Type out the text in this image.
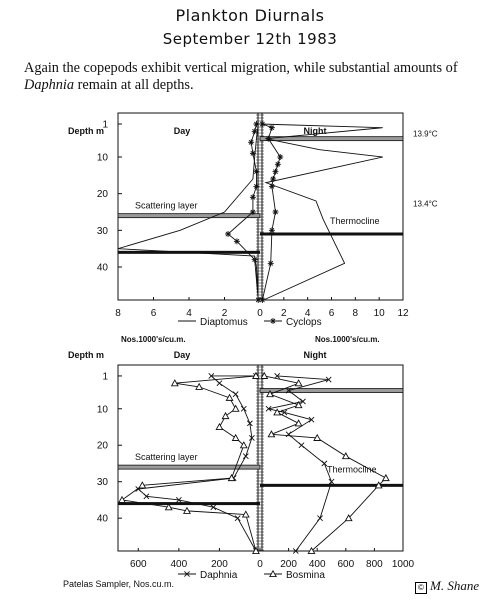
Plankton Diurnals
September 12th 1983
Again the copepods exhibit vertical migration, while substantial amounts of Daphnia remain at all depths.
Depth m	Day	Night
1
10
20
30
40
Scattering layer
Thermocline
13.9°C
13.4°C
8	6	4	2	0 2 4 6 8 10 12
Nos.1000's/cu.m.	Nos.1000's/cu.m.
Diaptomus	Cyclops
Depth m	Day	Night
1
10
20
30
40
Scattering layer
Thermocline
600 400 200	0 200 400 600 800 1000
Daphnia	Bosmina
Patelas Sampler, Nos.cu.m.	© M. Shane
